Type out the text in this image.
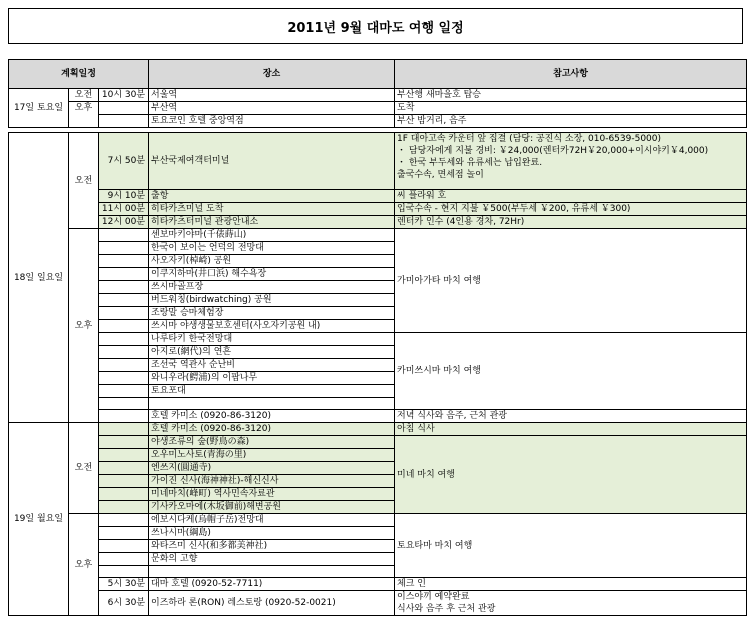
2011년 9월 대마도 여행 일정
계획일정			장소	참고사항
17일 토요일	오전	10시 30분	서울역	부산행 새마을호 탑승
	오후		부산역	도착
			토요코인 호텔 중앙역점	부산 밤거리, 음주

18일 일요일	오전	7시 50분	부산국제여객터미널	1F 대아고속 카운터 앞 집결 (담당: 공진식 소장, 010-6539-5000)
・ 담당자에게 지불 경비: ￥24,000(렌터카72H￥20,000+이시야키￥4,000)
・ 한국 부두세와 유류세는 납입완료.
출국수속, 면세점 놀이

		9시 10분	출항	씨 플라워 호
		11시 00분	히타카츠미널 도착	입국수속 - 현지 지불 ￥500(부두세 ￥200, 유류세 ￥300)
		12시 00분	히타카츠터미널 관광안내소	렌터카 인수 (4인용 경차, 72Hr)
	오후		센보마키야마(千俵蒔山)	가미아가타 마치 여행
			한국이 보이는 언덕의 전망대	
			사오자키(棹崎) 공원	
			이쿠지하마(井口浜) 해수욕장	
			쓰시마골프장	
			버드워칭(birdwatching) 공원	
			조랑말 승마체험장	
			쓰시마 야생생물보호센터(사오자키공원 내)	
			나루타키 한국전망대	카미쓰시마 마치 여행
			아지로(網代)의 연흔	
			조선국 역관사 순난비	
			와니우라(鰐浦)의 이팝나무	
			토요포대	

			호텔 카미소 (0920-86-3120)	저녁 식사와 음주, 근처 관광
19일 월요일	오전		호텔 카미소 (0920-86-3120)	아침 식사
			야생조류의 숲(野鳥の森)	미네 마치 여행
			오우미노사토(青海の里)	
			엔쓰지(圓通寺)	
			가이진 신사(海神神社)-해신신사	
			미네마치(峰町) 역사민속자료관	
			기사카오마에(木坂御前)해변공원	
	오후		에보시다케(烏帽子岳)전망대	토요타마 마치 여행
			쓰나시마(綱島)	
			와타즈미 신사(和多都美神社)	
			문화의 고향	

		5시 30분	대마 호텔 (0920-52-7711)	체크 인
		6시 30분	이즈하라 론(RON) 레스토랑 (0920-52-0021)	이스야끼 예약완료
식사와 음주 후 근처 관광
